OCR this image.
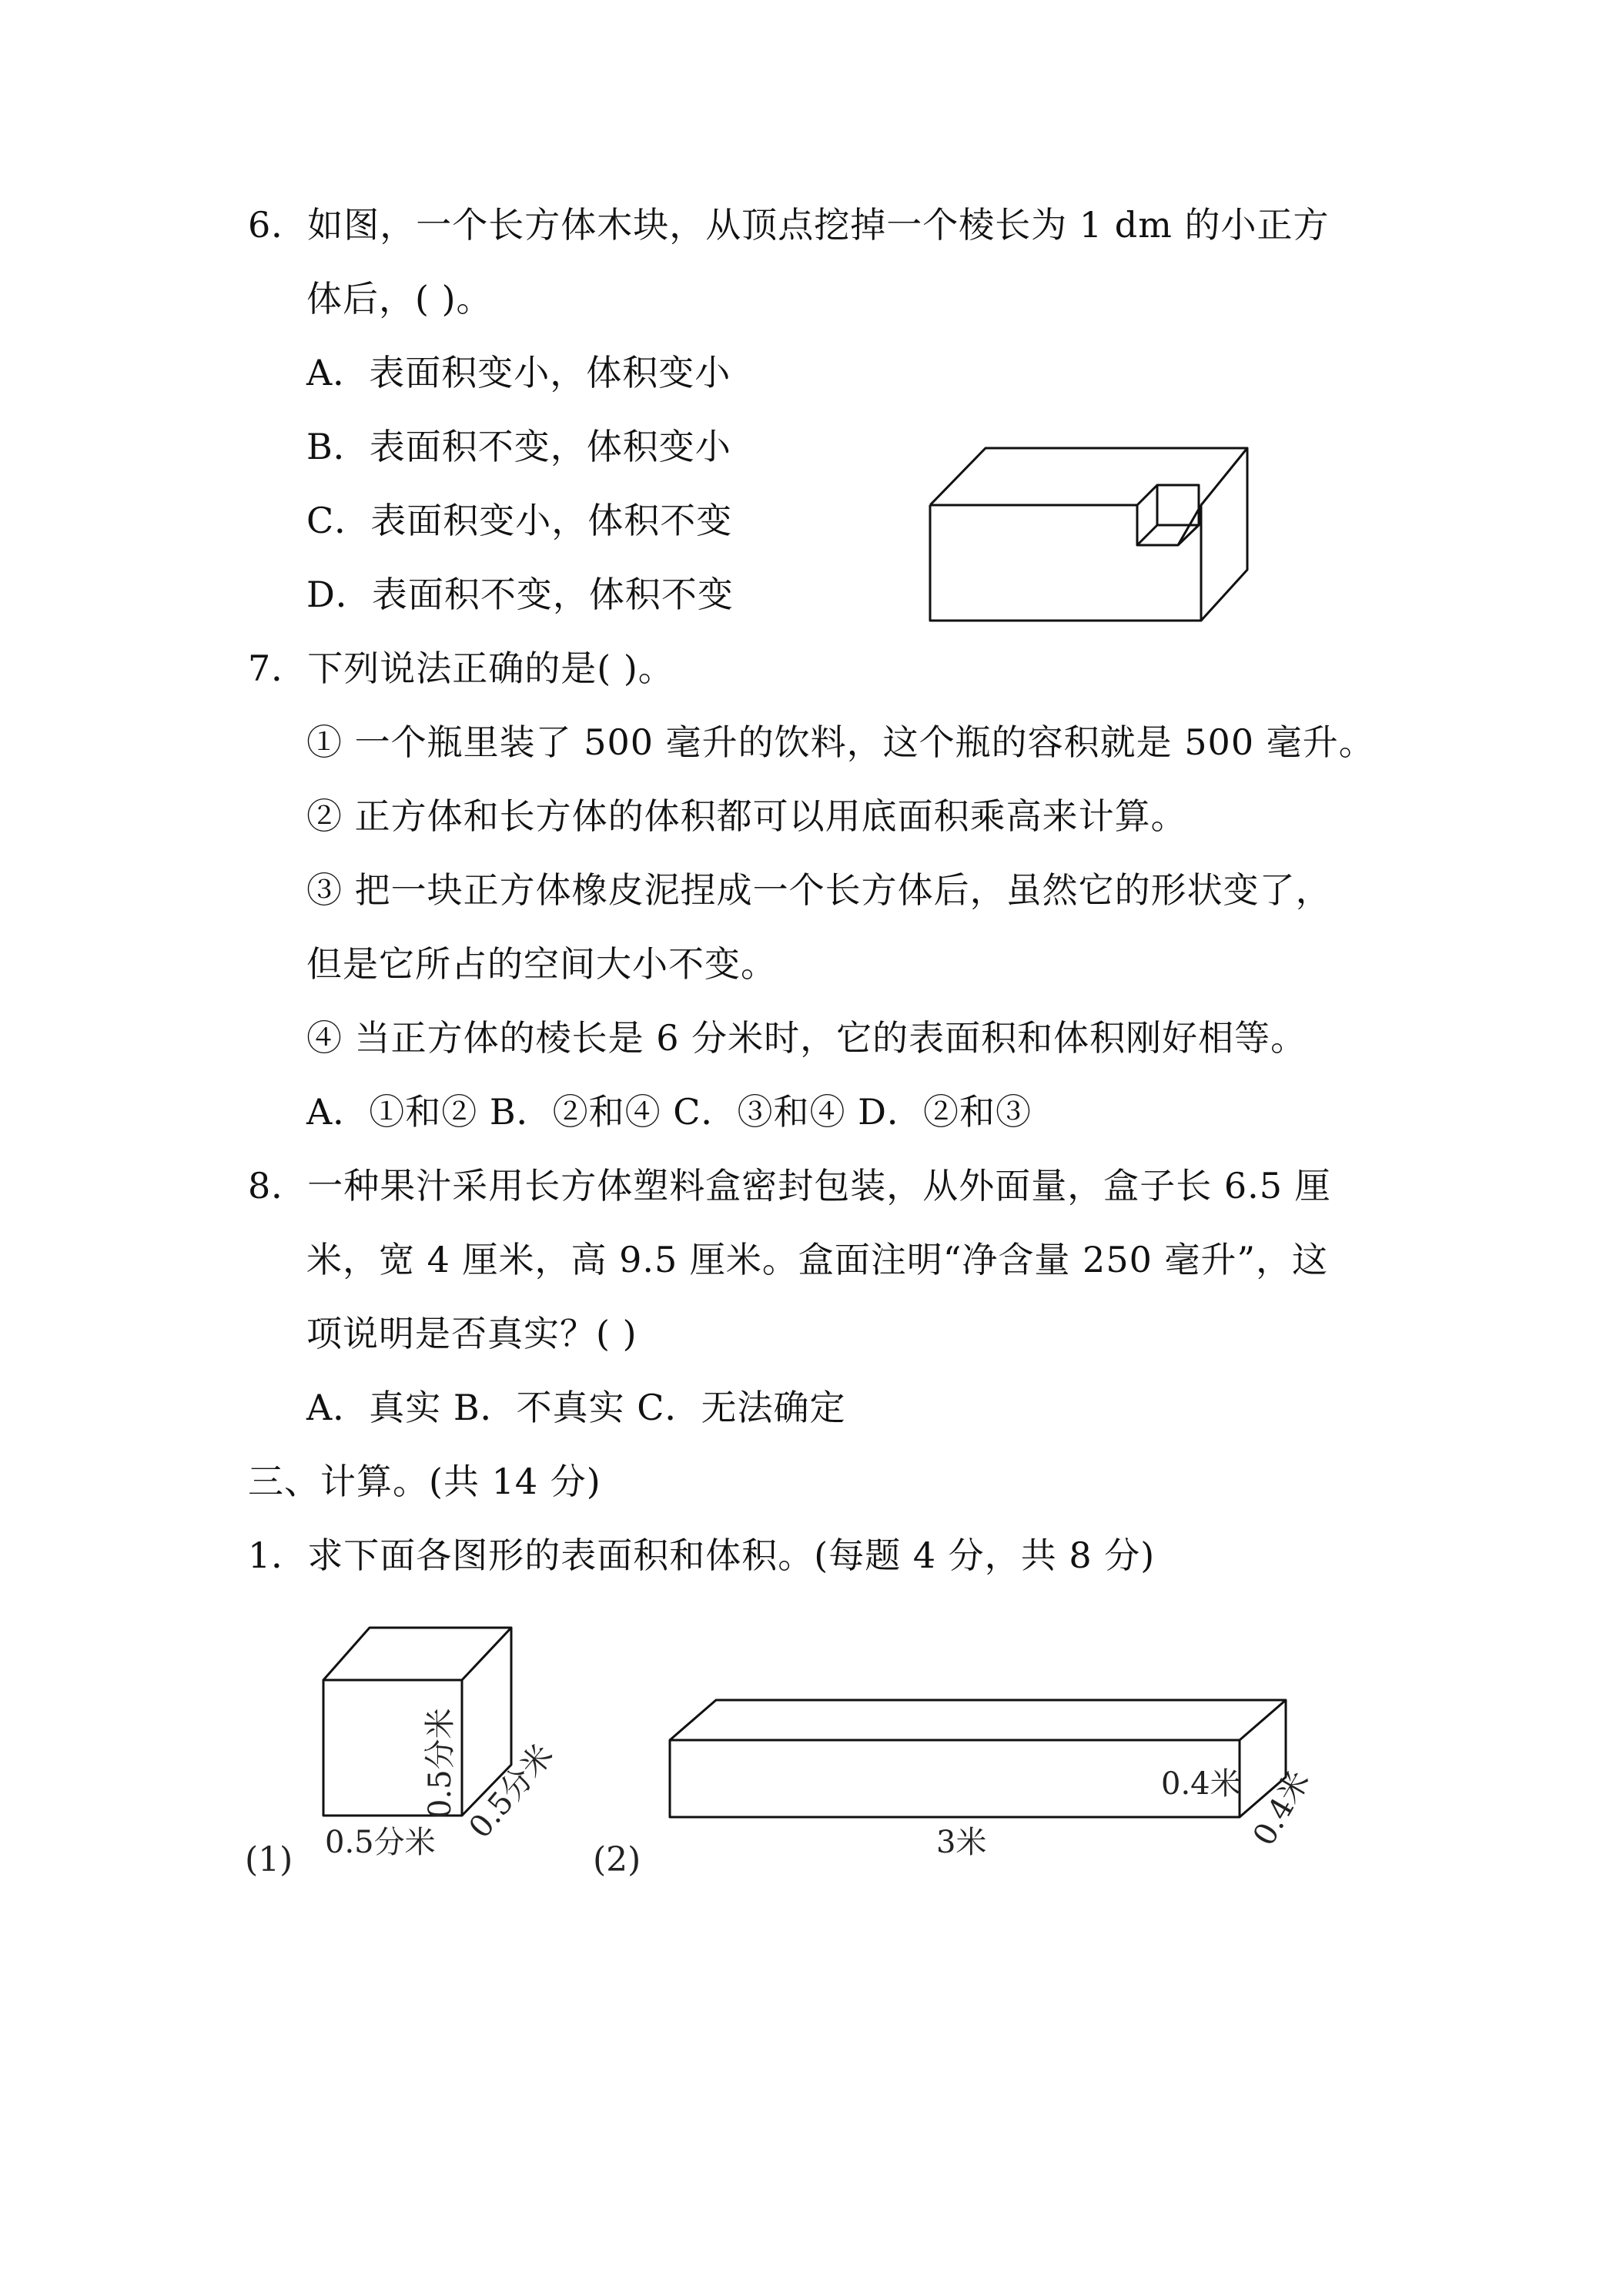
6．如图，一个长方体木块，从顶点挖掉一个棱长为 1 dm 的小正方
体后，( )。
A．表面积变小，体积变小
B．表面积不变，体积变小
C．表面积变小，体积不变
D．表面积不变，体积不变
7．下列说法正确的是( )。
① 一个瓶里装了 500 毫升的饮料，这个瓶的容积就是 500 毫升。
② 正方体和长方体的体积都可以用底面积乘高来计算。
③ 把一块正方体橡皮泥捏成一个长方体后，虽然它的形状变了，
但是它所占的空间大小不变。
④ 当正方体的棱长是 6 分米时，它的表面积和体积刚好相等。
A．①和② B．②和④ C．③和④ D．②和③
8．一种果汁采用长方体塑料盒密封包装，从外面量，盒子长 6.5 厘
米，宽 4 厘米，高 9.5 厘米。盒面注明“净含量 250 毫升”，这
项说明是否真实？( )
A．真实 B．不真实 C．无法确定
三、计算。(共 14 分)
1．求下面各图形的表面积和体积。(每题 4 分，共 8 分)
0.5分米 0.5分米
0.5分米
(1)
0.4米 0.4米
3米
(2)
